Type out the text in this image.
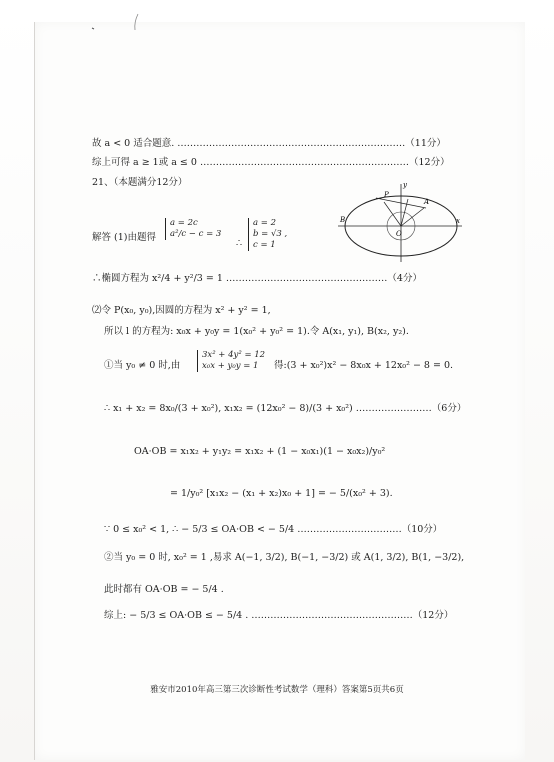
故 a < 0 适合题意. ………………………………………………………………（11分）
综上可得 a ≥ 1或 a ≤ 0 …………………………………………………………（12分）
21、（本题满分12分）
解答 (1)由题得
a = 2c
a²/c − c = 3
∴
a = 2
b = √3 ,
c = 1
y
P
B
A
O
x
∴椭圆方程为 x²/4 + y²/3 = 1 ……………………………………………（4分）
⑵令 P(x₀, y₀),因圆的方程为 x² + y² = 1,
所以 l 的方程为: x₀x + y₀y = 1(x₀² + y₀² = 1).令 A(x₁, y₁), B(x₂, y₂).
①当 y₀ ≠ 0 时,由
3x² + 4y² = 12
x₀x + y₀y = 1	得:(3 + x₀²)x² − 8x₀x + 12x₀² − 8 = 0.
∴ x₁ + x₂ = 8x₀/(3 + x₀²), x₁x₂ = (12x₀² − 8)/(3 + x₀²) ……………………（6分）
OA·OB = x₁x₂ + y₁y₂ = x₁x₂ + (1 − x₀x₁)(1 − x₀x₂)/y₀²
= 1/y₀² [x₁x₂ − (x₁ + x₂)x₀ + 1] = − 5/(x₀² + 3).
∵ 0 ≤ x₀² < 1, ∴ − 5/3 ≤ OA·OB < − 5/4 ……………………………（10分）
②当 y₀ = 0 时, x₀² = 1 ,易求 A(−1, 3/2), B(−1, −3/2) 或 A(1, 3/2), B(1, −3/2),
此时都有 OA·OB = − 5/4 .
综上: − 5/3 ≤ OA·OB ≤ − 5/4 . ……………………………………………（12分）
雅安市2010年高三第三次诊断性考试数学（理科）答案第5页共6页
